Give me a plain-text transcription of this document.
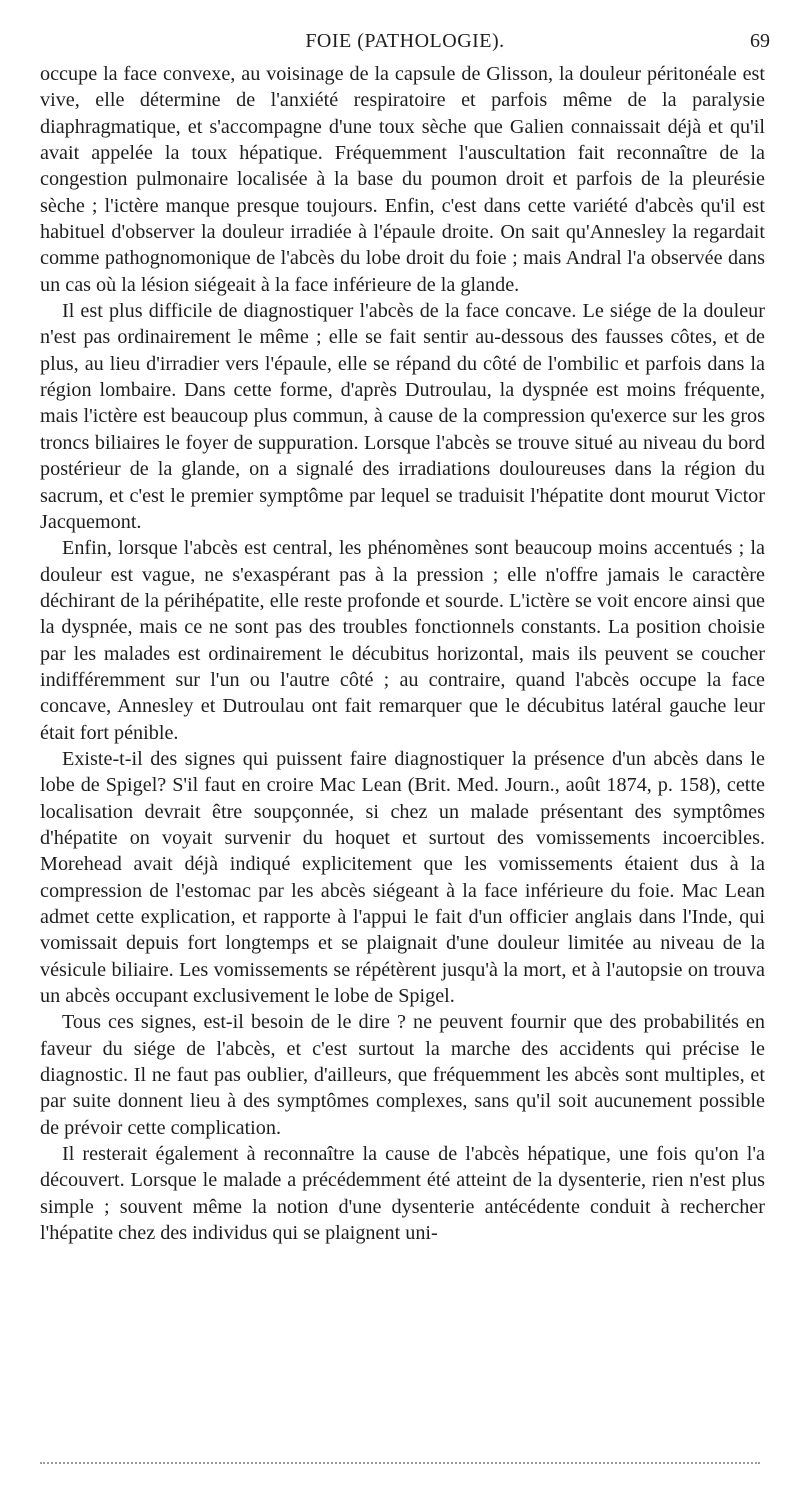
FOIE (PATHOLOGIE).	69

occupe la face convexe, au voisinage de la capsule de Glisson, la douleur péritonéale est vive, elle détermine de l'anxiété respiratoire et parfois même de la paralysie diaphragmatique, et s'accompagne d'une toux sèche que Galien connaissait déjà et qu'il avait appelée la toux hépatique. Fréquemment l'auscultation fait reconnaître de la congestion pulmonaire localisée à la base du poumon droit et parfois de la pleurésie sèche ; l'ictère manque presque toujours. Enfin, c'est dans cette variété d'abcès qu'il est habituel d'observer la douleur irradiée à l'épaule droite. On sait qu'Annesley la regardait comme pathognomonique de l'abcès du lobe droit du foie ; mais Andral l'a observée dans un cas où la lésion siégeait à la face inférieure de la glande.

Il est plus difficile de diagnostiquer l'abcès de la face concave. Le siége de la douleur n'est pas ordinairement le même ; elle se fait sentir au-dessous des fausses côtes, et de plus, au lieu d'irradier vers l'épaule, elle se répand du côté de l'ombilic et parfois dans la région lombaire. Dans cette forme, d'après Dutroulau, la dyspnée est moins fréquente, mais l'ictère est beaucoup plus commun, à cause de la compression qu'exerce sur les gros troncs biliaires le foyer de suppuration. Lorsque l'abcès se trouve situé au niveau du bord postérieur de la glande, on a signalé des irradiations douloureuses dans la région du sacrum, et c'est le premier symptôme par lequel se traduisit l'hépatite dont mourut Victor Jacquemont.

Enfin, lorsque l'abcès est central, les phénomènes sont beaucoup moins accentués ; la douleur est vague, ne s'exaspérant pas à la pression ; elle n'offre jamais le caractère déchirant de la périhépatite, elle reste profonde et sourde. L'ictère se voit encore ainsi que la dyspnée, mais ce ne sont pas des troubles fonctionnels constants. La position choisie par les malades est ordinairement le décubitus horizontal, mais ils peuvent se coucher indifféremment sur l'un ou l'autre côté ; au contraire, quand l'abcès occupe la face concave, Annesley et Dutroulau ont fait remarquer que le décubitus latéral gauche leur était fort pénible.

Existe-t-il des signes qui puissent faire diagnostiquer la présence d'un abcès dans le lobe de Spigel? S'il faut en croire Mac Lean (Brit. Med. Journ., août 1874, p. 158), cette localisation devrait être soupçonnée, si chez un malade présentant des symptômes d'hépatite on voyait survenir du hoquet et surtout des vomissements incoercibles. Morehead avait déjà indiqué explicitement que les vomissements étaient dus à la compression de l'estomac par les abcès siégeant à la face inférieure du foie. Mac Lean admet cette explication, et rapporte à l'appui le fait d'un officier anglais dans l'Inde, qui vomissait depuis fort longtemps et se plaignait d'une douleur limitée au niveau de la vésicule biliaire. Les vomissements se répétèrent jusqu'à la mort, et à l'autopsie on trouva un abcès occupant exclusivement le lobe de Spigel.

Tous ces signes, est-il besoin de le dire ? ne peuvent fournir que des probabilités en faveur du siége de l'abcès, et c'est surtout la marche des accidents qui précise le diagnostic. Il ne faut pas oublier, d'ailleurs, que fréquemment les abcès sont multiples, et par suite donnent lieu à des symptômes complexes, sans qu'il soit aucunement possible de prévoir cette complication.

Il resterait également à reconnaître la cause de l'abcès hépatique, une fois qu'on l'a découvert. Lorsque le malade a précédemment été atteint de la dysenterie, rien n'est plus simple ; souvent même la notion d'une dysenterie antécédente conduit à rechercher l'hépatite chez des individus qui se plaignent uni-
